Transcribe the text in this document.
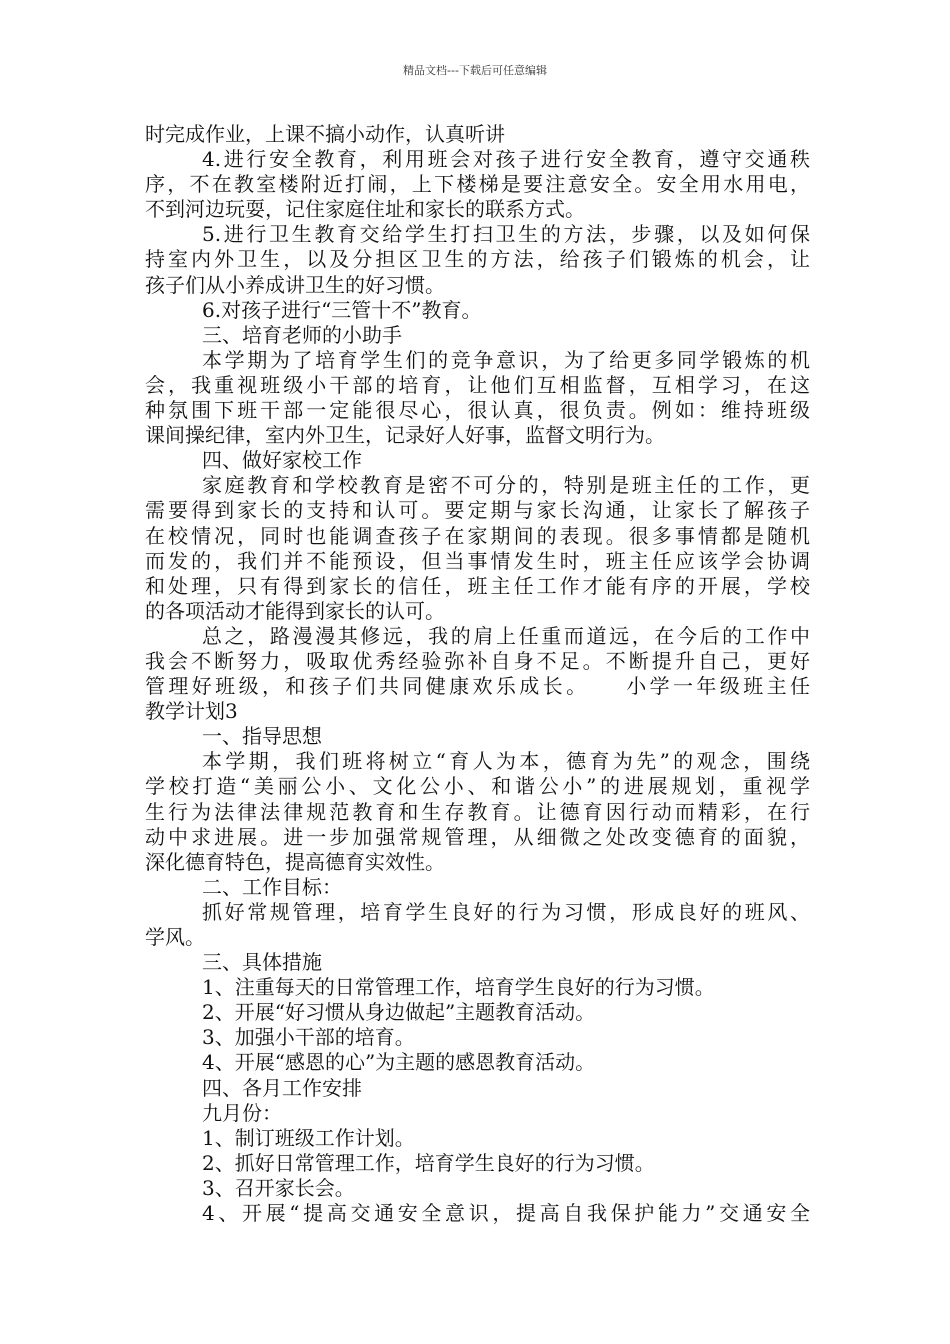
精品文档---下载后可任意编辑
时完成作业，上课不搞小动作，认真听讲
4.进行安全教育，利用班会对孩子进行安全教育，遵守交通秩
序，不在教室楼附近打闹，上下楼梯是要注意安全。安全用水用电，
不到河边玩耍，记住家庭住址和家长的联系方式。
5.进行卫生教育交给学生打扫卫生的方法，步骤，以及如何保
持室内外卫生，以及分担区卫生的方法，给孩子们锻炼的机会，让
孩子们从小养成讲卫生的好习惯。
6.对孩子进行“三管十不”教育。
三、培育老师的小助手
本学期为了培育学生们的竞争意识，为了给更多同学锻炼的机
会，我重视班级小干部的培育，让他们互相监督，互相学习，在这
种氛围下班干部一定能很尽心，很认真，很负责。例如：维持班级
课间操纪律，室内外卫生，记录好人好事，监督文明行为。
四、做好家校工作
家庭教育和学校教育是密不可分的，特别是班主任的工作，更
需要得到家长的支持和认可。要定期与家长沟通，让家长了解孩子
在校情况，同时也能调查孩子在家期间的表现。很多事情都是随机
而发的，我们并不能预设，但当事情发生时，班主任应该学会协调
和处理，只有得到家长的信任，班主任工作才能有序的开展，学校
的各项活动才能得到家长的认可。
总之，路漫漫其修远，我的肩上任重而道远，在今后的工作中
我会不断努力，吸取优秀经验弥补自身不足。不断提升自己，更好
管理好班级，和孩子们共同健康欢乐成长。　　小学一年级班主任
教学计划3
一、指导思想
本学期，我们班将树立“育人为本，德育为先”的观念，围绕
学校打造“美丽公小、文化公小、和谐公小”的进展规划，重视学
生行为法律法律规范教育和生存教育。让德育因行动而精彩，在行
动中求进展。进一步加强常规管理，从细微之处改变德育的面貌，
深化德育特色，提高德育实效性。
二、工作目标：
抓好常规管理，培育学生良好的行为习惯，形成良好的班风、
学风。
三、具体措施
1、注重每天的日常管理工作，培育学生良好的行为习惯。
2、开展“好习惯从身边做起”主题教育活动。
3、加强小干部的培育。
4、开展“感恩的心”为主题的感恩教育活动。
四、各月工作安排
九月份：
1、制订班级工作计划。
2、抓好日常管理工作，培育学生良好的行为习惯。
3、召开家长会。
4、开展“提高交通安全意识，提高自我保护能力”交通安全
